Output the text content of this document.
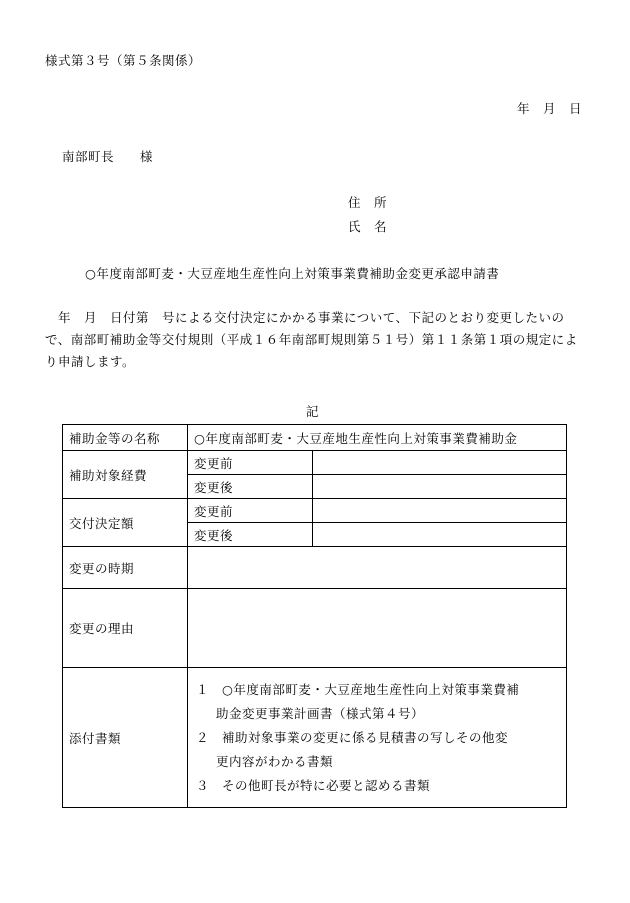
様式第３号（第５条関係）
年　月　日
南部町長　　様
住　所
氏　名
○年度南部町麦・大豆産地生産性向上対策事業費補助金変更承認申請書
　年　月　日付第　号による交付決定にかかる事業について、下記のとおり変更したいので、南部町補助金等交付規則（平成１６年南部町規則第５１号）第１１条第１項の規定により申請します。
記
補助金等の名称	○年度南部町麦・大豆産地生産性向上対策事業費補助金	
補助対象経費	変更前	
	変更後	
交付決定額	変更前	
	変更後	
変更の時期		
変更の理由		
添付書類	１　○年度南部町麦・大豆産地生産性向上対策事業費補
助金変更事業計画書（様式第４号）
２　補助対象事業の変更に係る見積書の写しその他変
更内容がわかる書類
３　その他町長が特に必要と認める書類	
